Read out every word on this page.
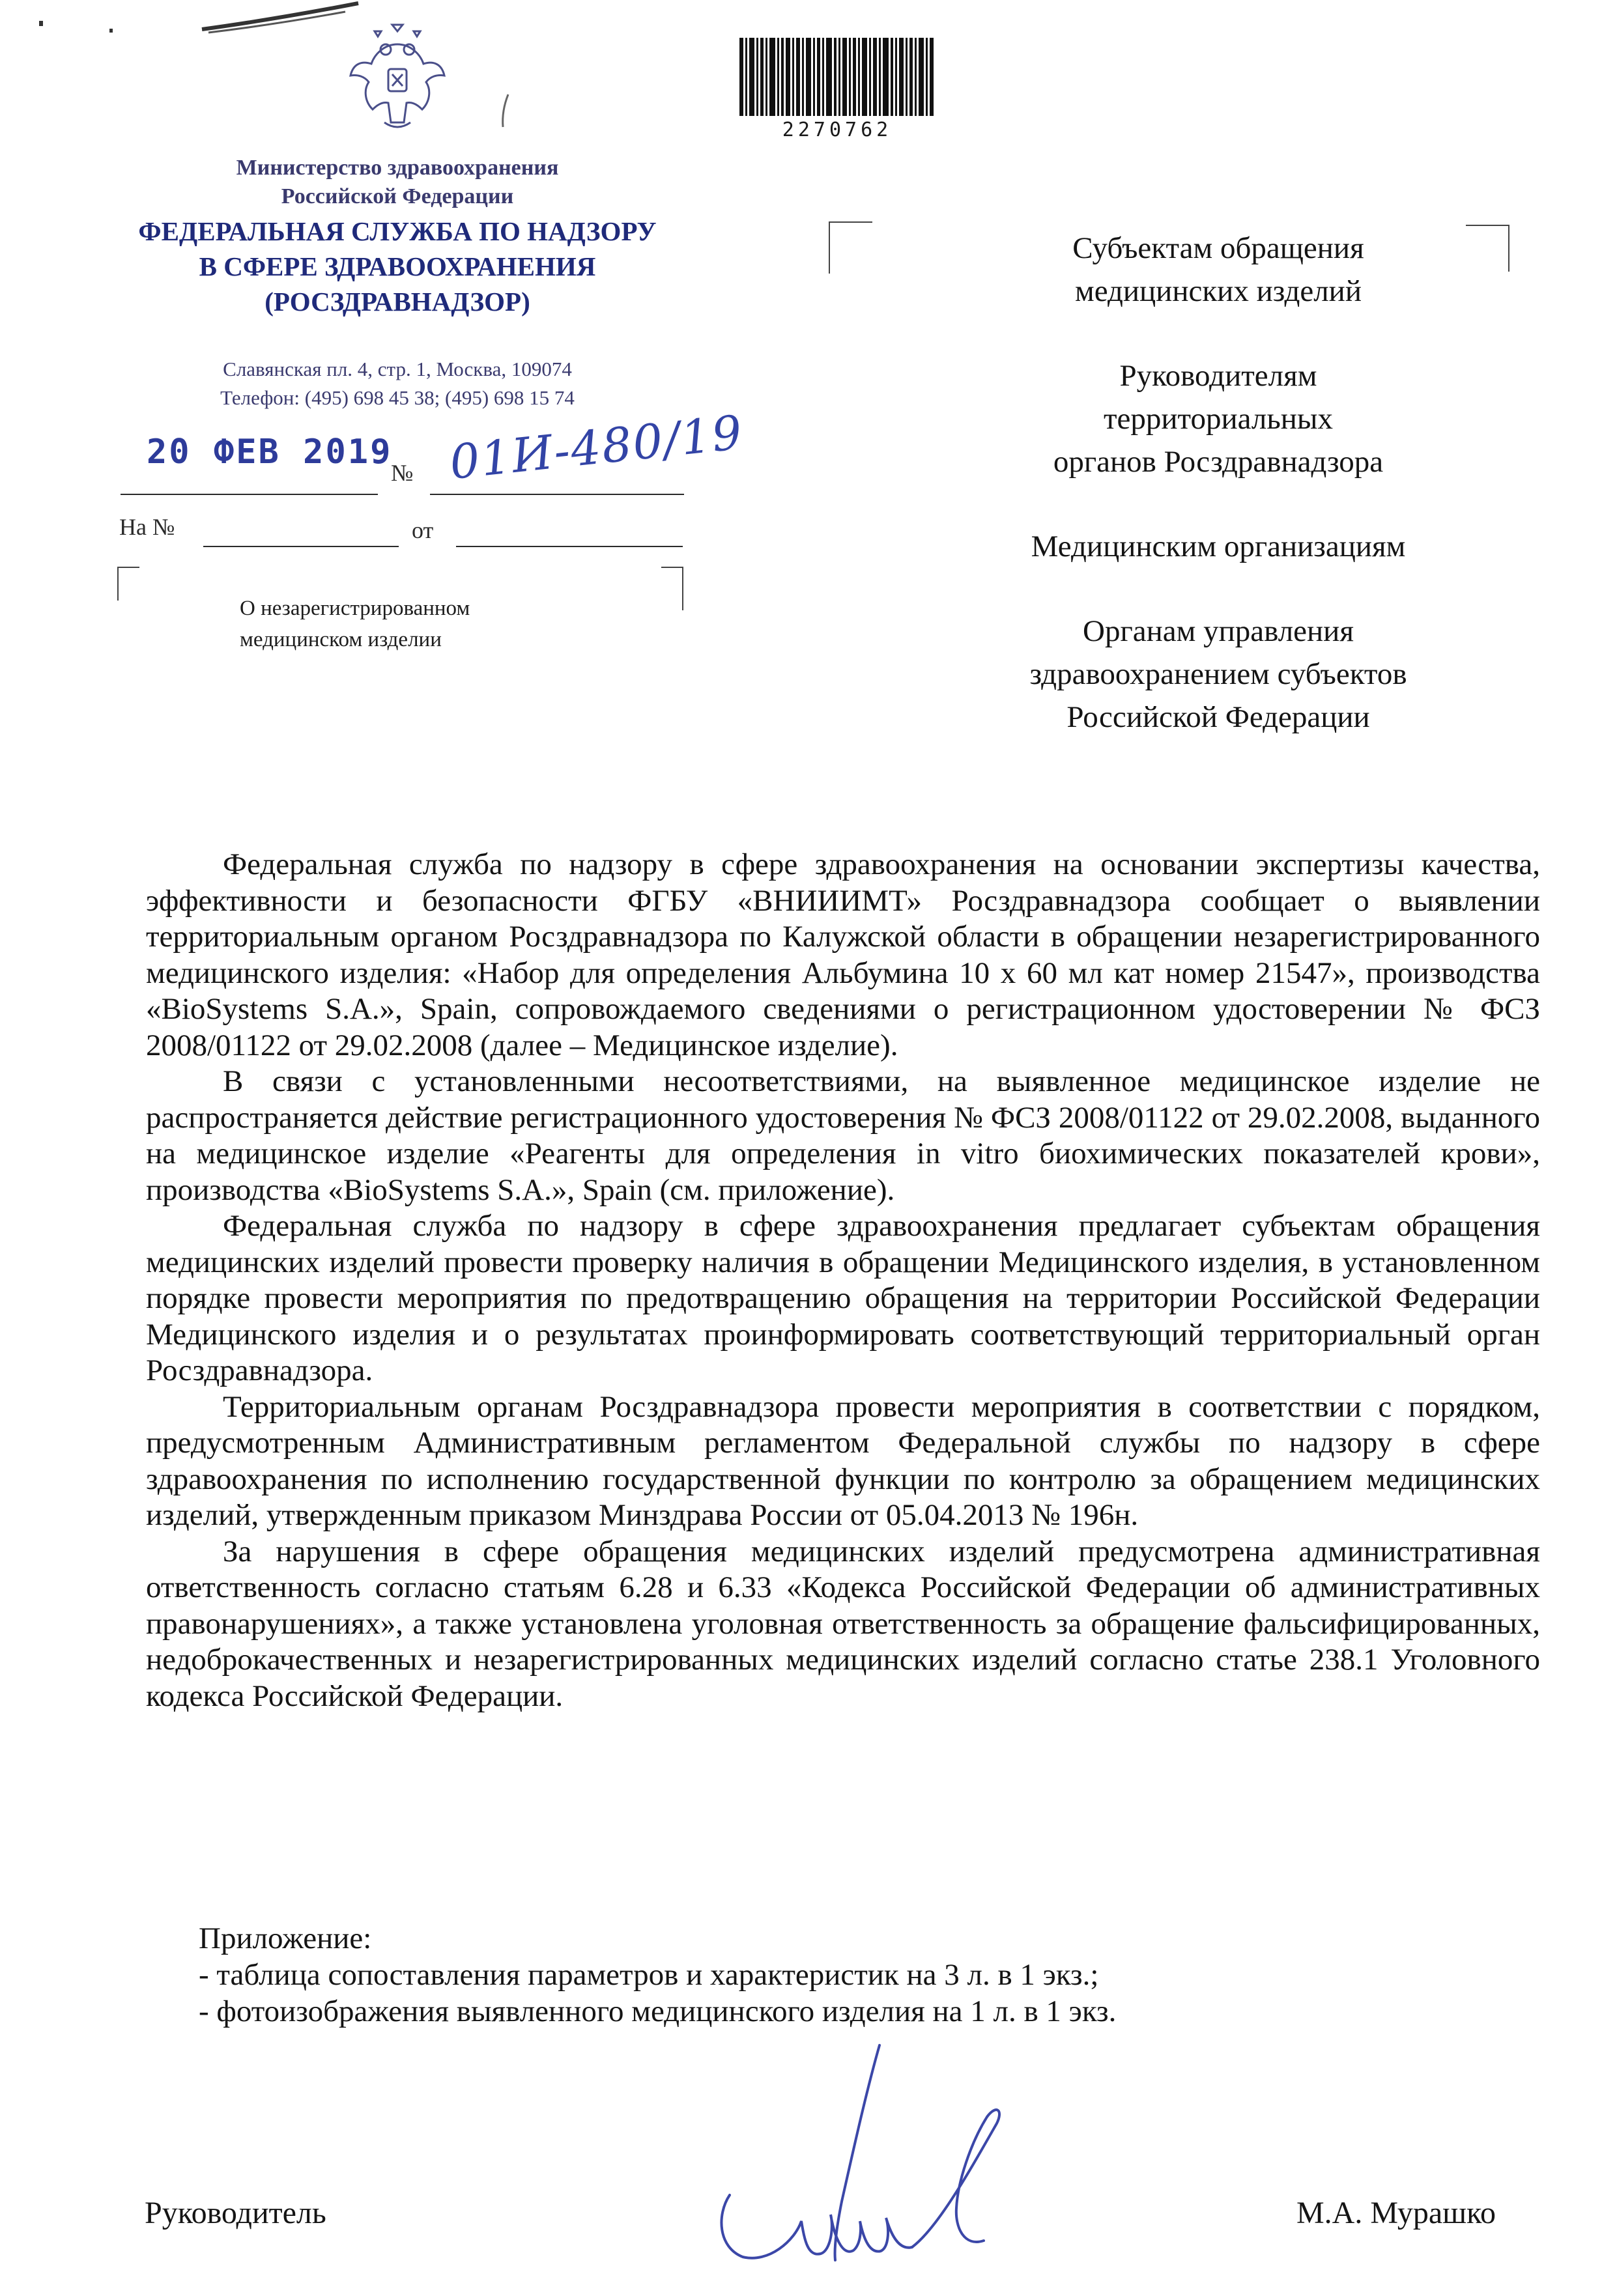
Министерство здравоохранения
Российской Федерации
ФЕДЕРАЛЬНАЯ СЛУЖБА ПО НАДЗОРУ
В СФЕРЕ ЗДРАВООХРАНЕНИЯ
(РОСЗДРАВНАДЗОР)
Славянская пл. 4, стр. 1, Москва, 109074
Телефон: (495) 698 45 38; (495) 698 15 74
20 ФЕВ 2019
№ 01И-480/19
На №	от
О незарегистрированном
медицинском изделии
2270762

Субъектам обращения

медицинских изделий

Руководителям

территориальных

органов Росздравнадзора

Медицинским организациям

Органам управления

здравоохранением субъектов

Российской Федерации

Федеральная служба по надзору в сфере здравоохранения на основании экспертизы качества, эффективности и безопасности ФГБУ «ВНИИИМТ» Росздравнадзора сообщает о выявлении территориальным органом Росздравнадзора по Калужской области в обращении незарегистрированного медицинского изделия: «Набор для определения Альбумина 10 х 60 мл кат номер 21547», производства «BioSystems S.A.», Spain, сопровождаемого сведениями о регистрационном удостоверении № ФСЗ 2008/01122 от 29.02.2008 (далее – Медицинское изделие).

В связи с установленными несоответствиями, на выявленное медицинское изделие не распространяется действие регистрационного удостоверения № ФСЗ 2008/01122 от 29.02.2008, выданного на медицинское изделие «Реагенты для определения in vitro биохимических показателей крови», производства «BioSystems S.A.», Spain (см. приложение).

Федеральная служба по надзору в сфере здравоохранения предлагает субъектам обращения медицинских изделий провести проверку наличия в обращении Медицинского изделия, в установленном порядке провести мероприятия по предотвращению обращения на территории Российской Федерации Медицинского изделия и о результатах проинформировать соответствующий территориальный орган Росздравнадзора.

Территориальным органам Росздравнадзора провести мероприятия в соответствии с порядком, предусмотренным Административным регламентом Федеральной службы по надзору в сфере здравоохранения по исполнению государственной функции по контролю за обращением медицинских изделий, утвержденным приказом Минздрава России от 05.04.2013 № 196н.

За нарушения в сфере обращения медицинских изделий предусмотрена административная ответственность согласно статьям 6.28 и 6.33 «Кодекса Российской Федерации об административных правонарушениях», а также установлена уголовная ответственность за обращение фальсифицированных, недоброкачественных и незарегистрированных медицинских изделий согласно статье 238.1 Уголовного кодекса Российской Федерации.

Приложение:
- таблица сопоставления параметров и характеристик на 3 л. в 1 экз.;
- фотоизображения выявленного медицинского изделия на 1 л. в 1 экз.
Руководитель	М.А. Мурашко
